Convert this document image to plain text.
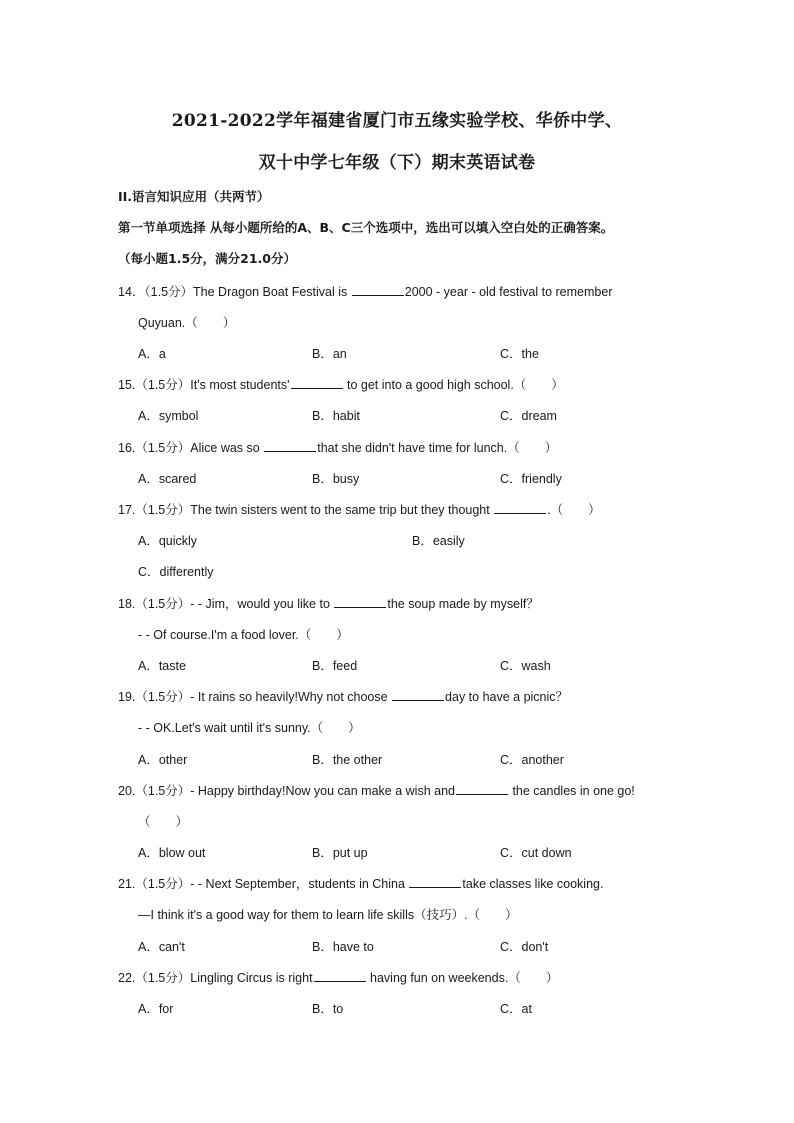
2021-2022学年福建省厦门市五缘实验学校、华侨中学、
双十中学七年级（下）期末英语试卷
II.语言知识应用（共两节）
第一节单项选择 从每小题所给的A、B、C三个选项中，选出可以填入空白处的正确答案。
（每小题1.5分，满分21.0分）
14．（1.5分）The Dragon Boat Festival is	2000 - year - old festival to remember
Quyuan.（　　）
A．a	B．an	C．the
15.（1.5分）It's most students'	to get into a good high school.（　　）
A．symbol	B．habit	C．dream
16.（1.5分）Alice was so	that she didn't have time for lunch.（　　）
A．scared	B．busy	C．friendly
17.（1.5分）The twin sisters went to the same trip but they thought	.（　　）
A．quickly	B．easily
C．differently
18.（1.5分）- - Jim，would you like to	the soup made by myself？
- - Of course.I'm a food lover.（　　）
A．taste	B．feed	C．wash
19.（1.5分）- It rains so heavily!Why not choose	day to have a picnic？
- - OK.Let's wait until it's sunny.（　　）
A．other	B．the other	C．another
20.（1.5分）- Happy birthday!Now you can make a wish and	the candles in one go!
（　　）
A．blow out	B．put up	C．cut down
21.（1.5分）- - Next September，students in China	take classes like cooking.
—I think it's a good way for them to learn life skills（技巧）.（　　）
A．can't	B．have to	C．don't
22.（1.5分）Lingling Circus is right	having fun on weekends.（　　）
A．for	B．to	C．at
